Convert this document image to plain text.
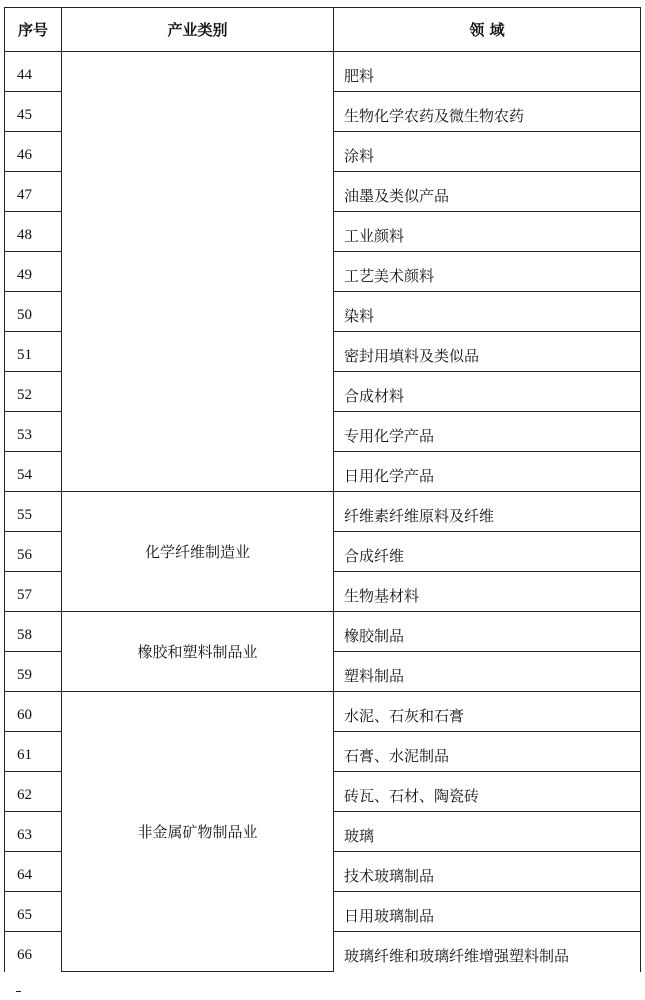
序号	产业类别	领 域
44		肥料
45		生物化学农药及微生物农药
46		涂料
47		油墨及类似产品
48		工业颜料
49		工艺美术颜料
50		染料
51		密封用填料及类似品
52		合成材料
53		专用化学产品
54		日用化学产品
55	化学纤维制造业	纤维素纤维原料及纤维
56		合成纤维
57		生物基材料
58	橡胶和塑料制品业	橡胶制品
59		塑料制品
60	非金属矿物制品业	水泥、石灰和石膏
61		石膏、水泥制品
62		砖瓦、石材、陶瓷砖
63		玻璃
64		技术玻璃制品
65		日用玻璃制品
66		玻璃纤维和玻璃纤维增强塑料制品
